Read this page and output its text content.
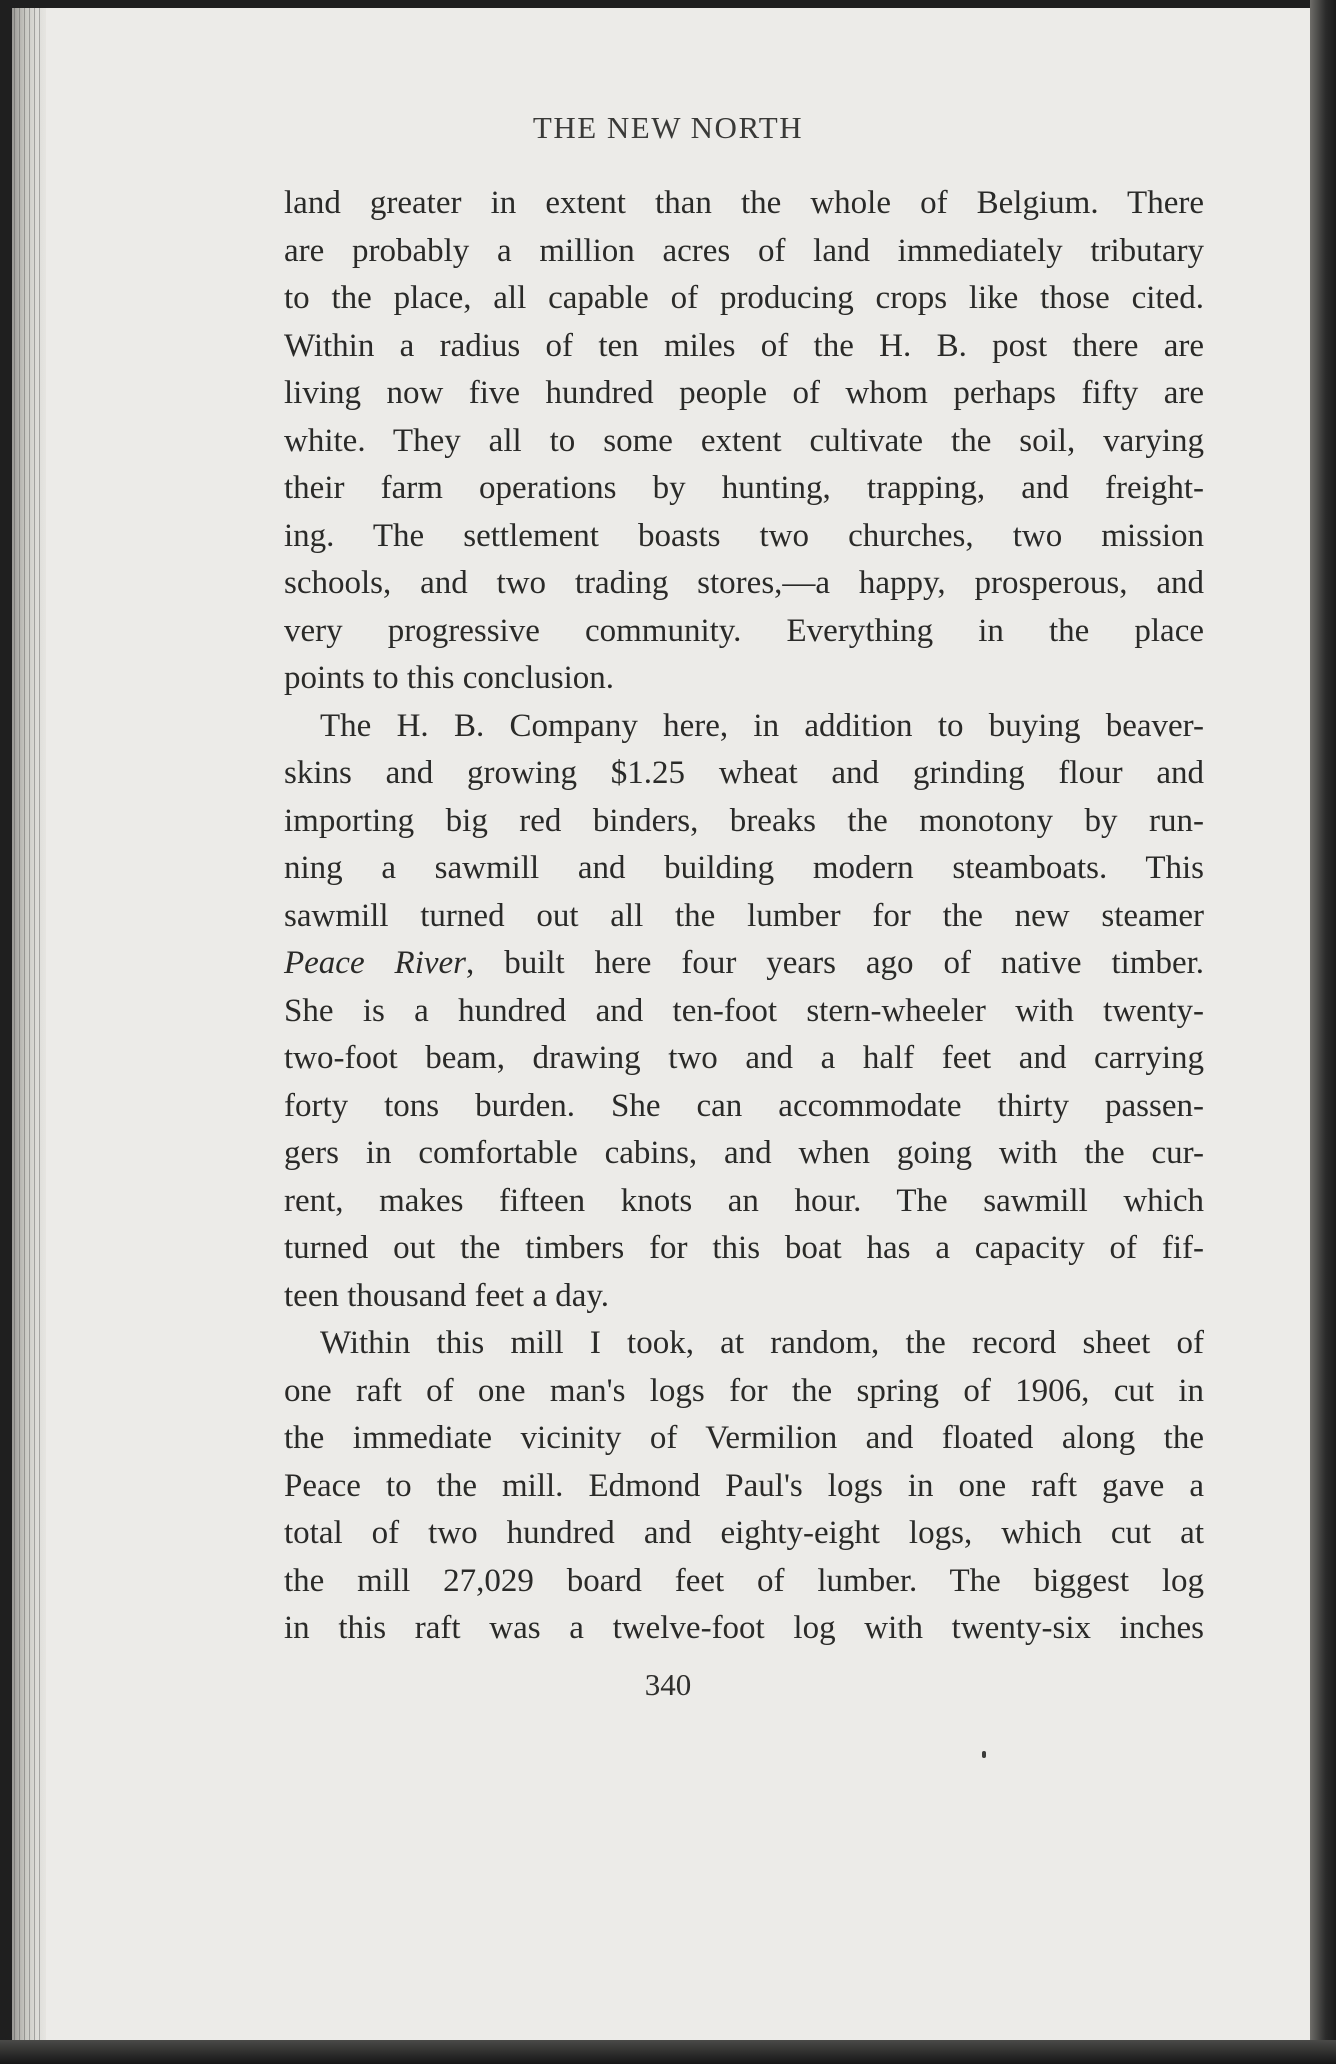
THE NEW NORTH
land greater in extent than the whole of Belgium. There
are probably a million acres of land immediately tributary
to the place, all capable of producing crops like those cited.
Within a radius of ten miles of the H. B. post there are
living now five hundred people of whom perhaps fifty are
white. They all to some extent cultivate the soil, varying
their farm operations by hunting, trapping, and freight-
ing. The settlement boasts two churches, two mission
schools, and two trading stores,—a happy, prosperous, and
very progressive community. Everything in the place
points to this conclusion.
The H. B. Company here, in addition to buying beaver-
skins and growing $1.25 wheat and grinding flour and
importing big red binders, breaks the monotony by run-
ning a sawmill and building modern steamboats. This
sawmill turned out all the lumber for the new steamer
Peace River, built here four years ago of native timber.
She is a hundred and ten-foot stern-wheeler with twenty-
two-foot beam, drawing two and a half feet and carrying
forty tons burden. She can accommodate thirty passen-
gers in comfortable cabins, and when going with the cur-
rent, makes fifteen knots an hour. The sawmill which
turned out the timbers for this boat has a capacity of fif-
teen thousand feet a day.
Within this mill I took, at random, the record sheet of
one raft of one man's logs for the spring of 1906, cut in
the immediate vicinity of Vermilion and floated along the
Peace to the mill. Edmond Paul's logs in one raft gave a
total of two hundred and eighty-eight logs, which cut at
the mill 27,029 board feet of lumber. The biggest log
in this raft was a twelve-foot log with twenty-six inches
340
